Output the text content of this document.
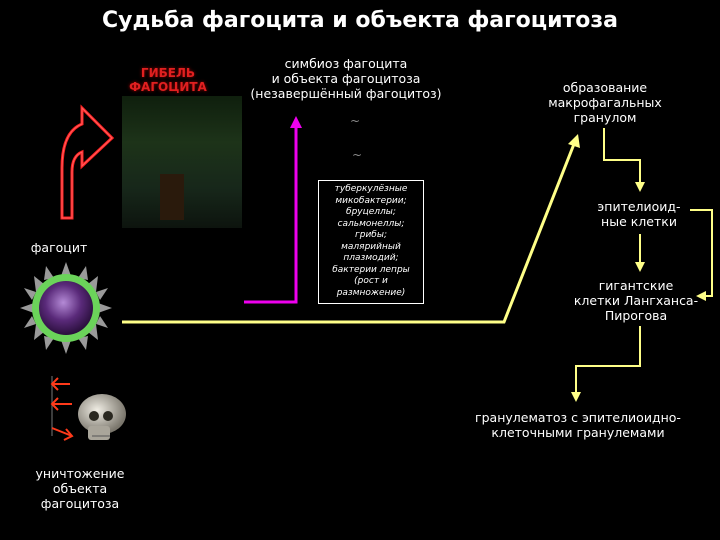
Судьба фагоцита и объекта фагоцитоза
ГИБЕЛЬ
ФАГОЦИТА
фагоцит
уничтожение
объекта
фагоцитоза
симбиоз фагоцита
и объекта фагоцитоза
(незавершённый фагоцитоз)
~
~
туберкулёзные
микобактерии;
бруцеллы;
сальмонеллы;
грибы;
малярийный
плазмодий;
бактерии лепры
(рост и
размножение)
образование
макрофагальных
гранулом
эпителиоид-
ные клетки
гигантские
клетки Лангханса-
Пирогова
гранулематоз с эпителиоидно-
клеточными гранулемами
